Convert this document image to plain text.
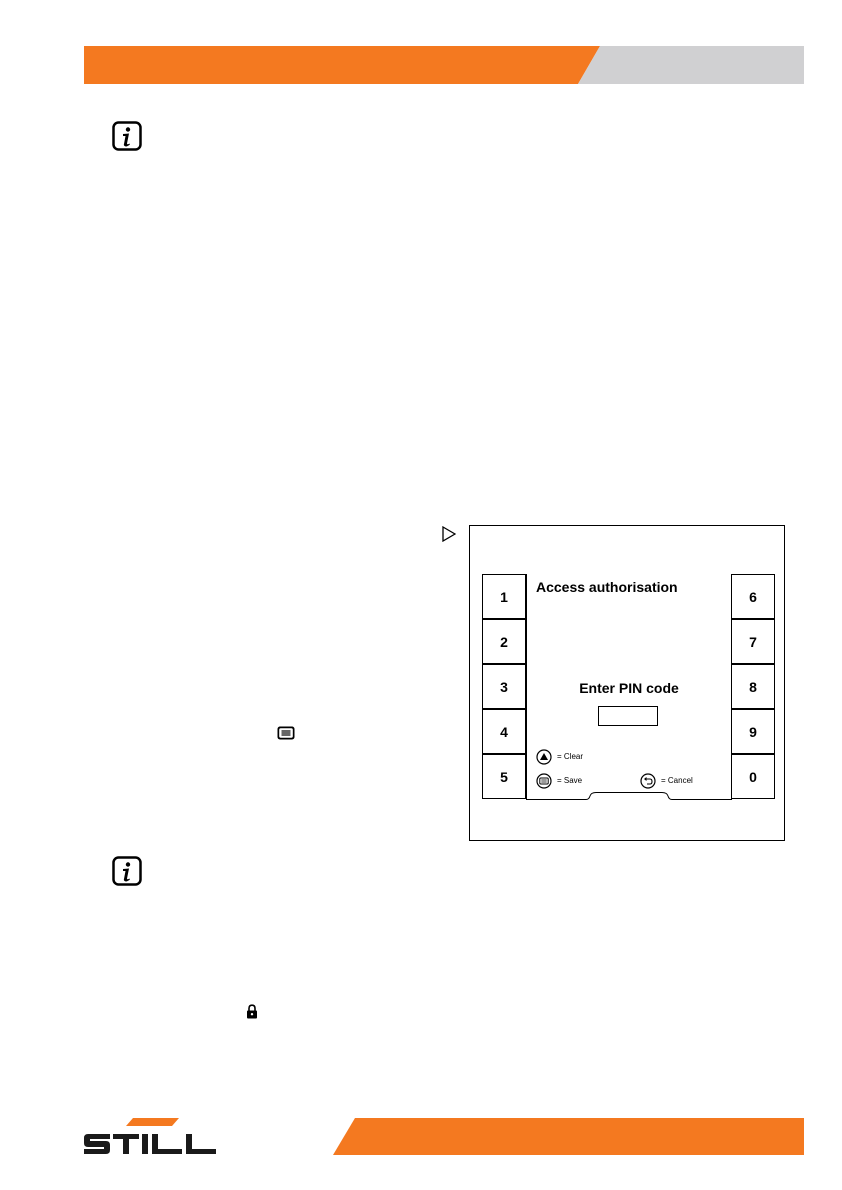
1
2
3
4
5
6
7
8
9
0
Access authorisation
Enter PIN code
= Clear
= Save	= Cancel
